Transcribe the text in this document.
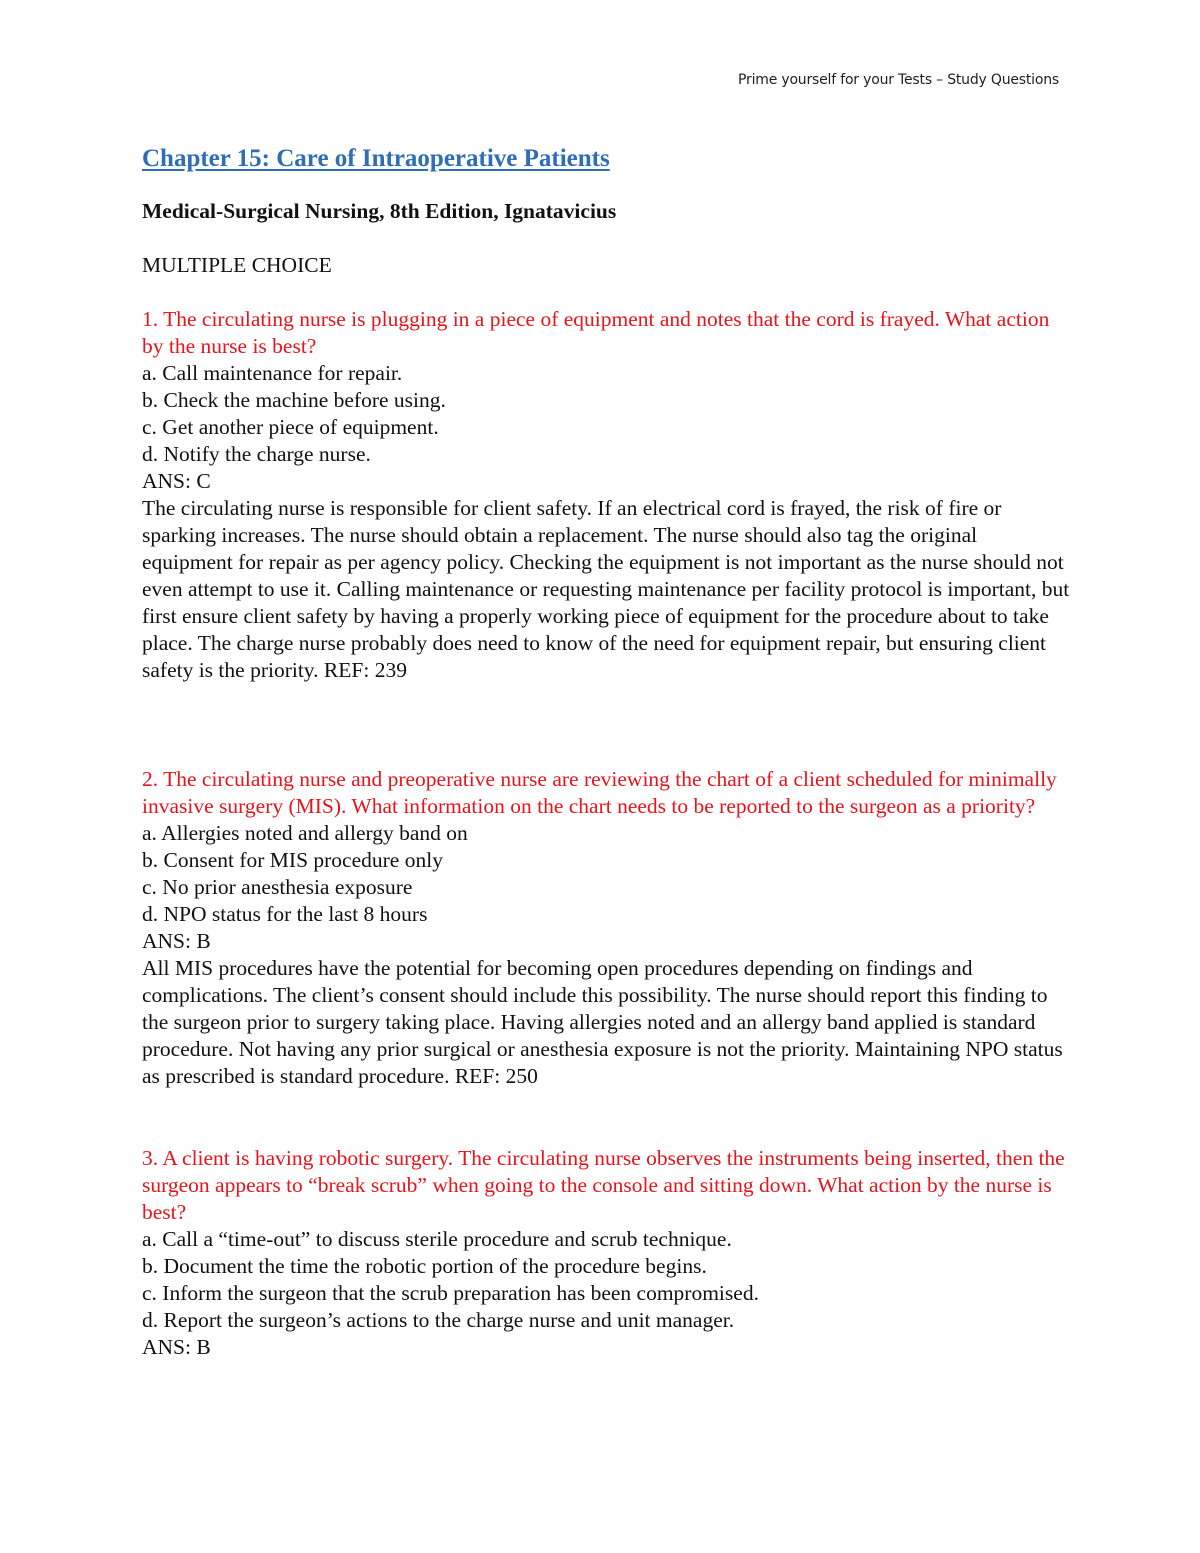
Prime yourself for your Tests – Study Questions
Chapter 15: Care of Intraoperative Patients
Medical-Surgical Nursing, 8th Edition, Ignatavicius
MULTIPLE CHOICE

1. The circulating nurse is plugging in a piece of equipment and notes that the cord is frayed. What action by the nurse is best?

a. Call maintenance for repair.

b. Check the machine before using.

c. Get another piece of equipment.

d. Notify the charge nurse.

ANS: C

The circulating nurse is responsible for client safety. If an electrical cord is frayed, the risk of fire or sparking increases. The nurse should obtain a replacement. The nurse should also tag the original equipment for repair as per agency policy. Checking the equipment is not important as the nurse should not even attempt to use it. Calling maintenance or requesting maintenance per facility protocol is important, but first ensure client safety by having a properly working piece of equipment for the procedure about to take place. The charge nurse probably does need to know of the need for equipment repair, but ensuring client safety is the priority. REF: 239

2. The circulating nurse and preoperative nurse are reviewing the chart of a client scheduled for minimally invasive surgery (MIS). What information on the chart needs to be reported to the surgeon as a priority?

a. Allergies noted and allergy band on

b. Consent for MIS procedure only

c. No prior anesthesia exposure

d. NPO status for the last 8 hours

ANS: B

All MIS procedures have the potential for becoming open procedures depending on findings and complications. The client’s consent should include this possibility. The nurse should report this finding to the surgeon prior to surgery taking place. Having allergies noted and an allergy band applied is standard procedure. Not having any prior surgical or anesthesia exposure is not the priority. Maintaining NPO status as prescribed is standard procedure. REF: 250

3. A client is having robotic surgery. The circulating nurse observes the instruments being inserted, then the surgeon appears to “break scrub” when going to the console and sitting down. What action by the nurse is best?

a. Call a “time-out” to discuss sterile procedure and scrub technique.

b. Document the time the robotic portion of the procedure begins.

c. Inform the surgeon that the scrub preparation has been compromised.

d. Report the surgeon’s actions to the charge nurse and unit manager.

ANS: B
